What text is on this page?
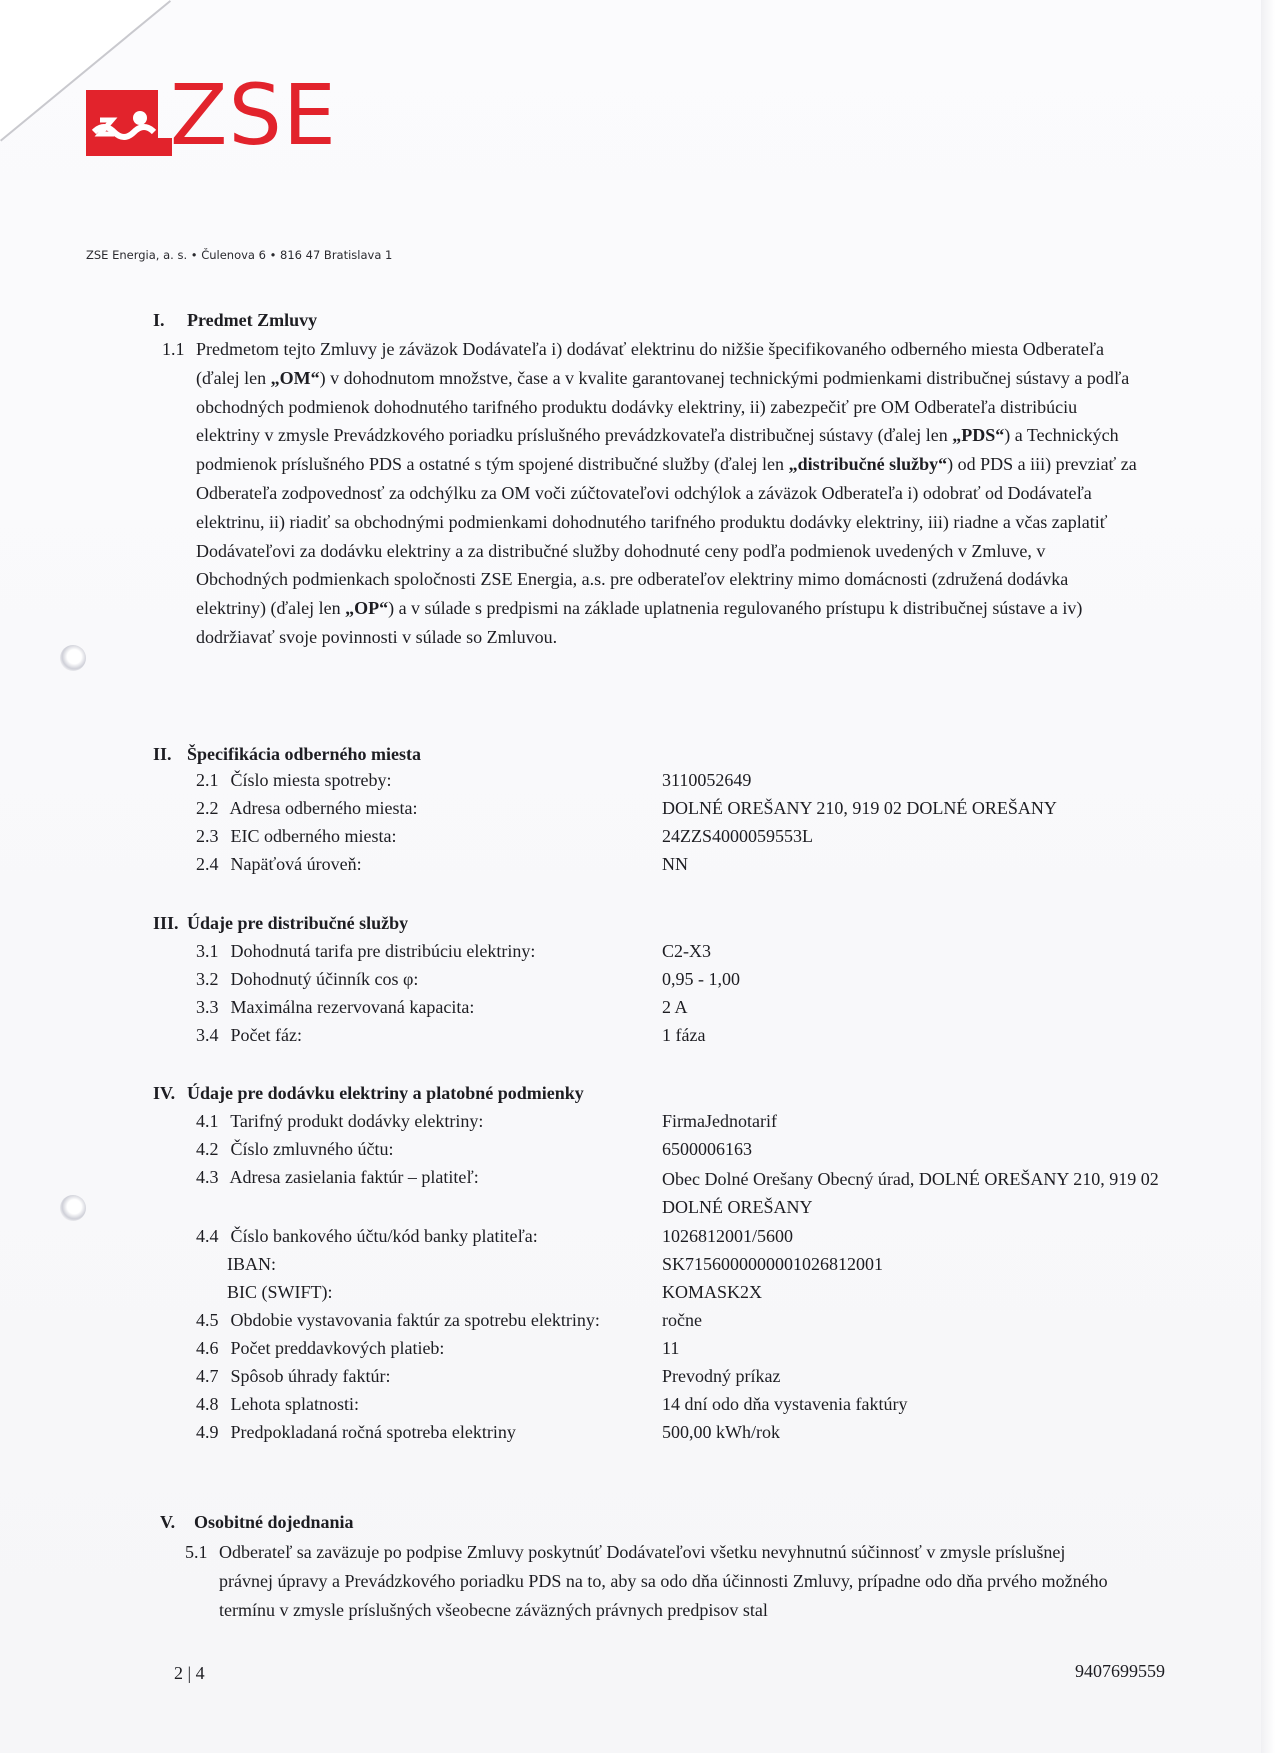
ZSE
ZSE Energia, a. s. • Čulenova 6 • 816 47 Bratislava 1
I. Predmet Zmluvy
1.1 Predmetom tejto Zmluvy je záväzok Dodávateľa i) dodávať elektrinu do nižšie špecifikovaného odberného miesta Odberateľa (ďalej len „OM“) v dohodnutom množstve, čase a v kvalite garantovanej technickými podmienkami distribučnej sústavy a podľa obchodných podmienok dohodnutého tarifného produktu dodávky elektriny, ii) zabezpečiť pre OM Odberateľa distribúciu elektriny v zmysle Prevádzkového poriadku príslušného prevádzkovateľa distribučnej sústavy (ďalej len „PDS“) a Technických podmienok príslušného PDS a ostatné s tým spojené distribučné služby (ďalej len „distribučné služby“) od PDS a iii) prevziať za Odberateľa zodpovednosť za odchýlku za OM voči zúčtovateľovi odchýlok a záväzok Odberateľa i) odobrať od Dodávateľa elektrinu, ii) riadiť sa obchodnými podmienkami dohodnutého tarifného produktu dodávky elektriny, iii) riadne a včas zaplatiť Dodávateľovi za dodávku elektriny a za distribučné služby dohodnuté ceny podľa podmienok uvedených v Zmluve, v Obchodných podmienkach spoločnosti ZSE Energia, a.s. pre odberateľov elektriny mimo domácnosti (združená dodávka elektriny) (ďalej len „OP“) a v súlade s predpismi na základe uplatnenia regulovaného prístupu k distribučnej sústave a iv) dodržiavať svoje povinnosti v súlade so Zmluvou.
II. Špecifikácia odberného miesta
2.1 Číslo miesta spotreby:	3110052649
2.2 Adresa odberného miesta:	DOLNÉ OREŠANY 210, 919 02 DOLNÉ OREŠANY
2.3 EIC odberného miesta:	24ZZS4000059553L
2.4 Napäťová úroveň:	NN
III. Údaje pre distribučné služby
3.1 Dohodnutá tarifa pre distribúciu elektriny:	C2-X3
3.2 Dohodnutý účinník cos φ:	0,95 - 1,00
3.3 Maximálna rezervovaná kapacita:	2 A
3.4 Počet fáz:	1 fáza
IV. Údaje pre dodávku elektriny a platobné podmienky
4.1 Tarifný produkt dodávky elektriny:	FirmaJednotarif
4.2 Číslo zmluvného účtu:	6500006163
4.3 Adresa zasielania faktúr – platiteľ:	Obec Dolné Orešany Obecný úrad, DOLNÉ OREŠANY 210, 919 02 DOLNÉ OREŠANY
4.4 Číslo bankového účtu/kód banky platiteľa:	1026812001/5600
IBAN:	SK7156000000001026812001
BIC (SWIFT):	KOMASK2X
4.5 Obdobie vystavovania faktúr za spotrebu elektriny:	ročne
4.6 Počet preddavkových platieb:	11
4.7 Spôsob úhrady faktúr:	Prevodný príkaz
4.8 Lehota splatnosti:	14 dní odo dňa vystavenia faktúry
4.9 Predpokladaná ročná spotreba elektriny	500,00 kWh/rok
V. Osobitné dojednania
5.1 Odberateľ sa zaväzuje po podpise Zmluvy poskytnúť Dodávateľovi všetku nevyhnutnú súčinnosť v zmysle príslušnej právnej úpravy a Prevádzkového poriadku PDS na to, aby sa odo dňa účinnosti Zmluvy, prípadne odo dňa prvého možného termínu v zmysle príslušných všeobecne záväzných právnych predpisov stal
2 | 4	9407699559
